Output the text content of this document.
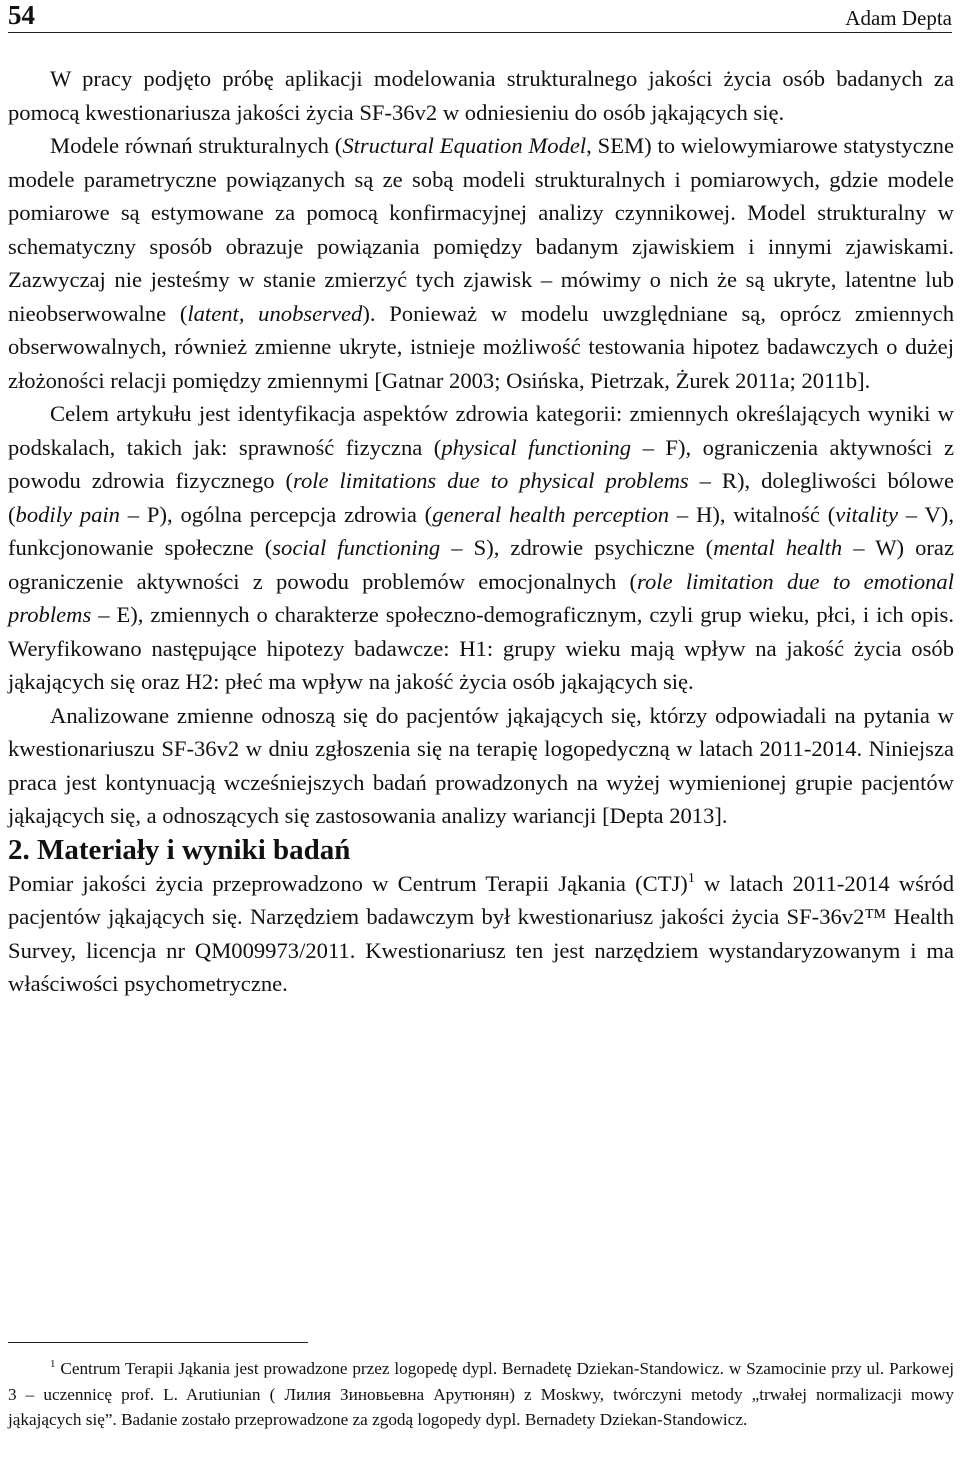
54	Adam Depta

W pracy podjęto próbę aplikacji modelowania strukturalnego jakości życia osób badanych za pomocą kwestionariusza jakości życia SF-36v2 w odniesieniu do osób jąkających się.

Modele równań strukturalnych (Structural Equation Model, SEM) to wielowymiarowe statystyczne modele parametryczne powiązanych są ze sobą modeli strukturalnych i pomiarowych, gdzie modele pomiarowe są estymowane za pomocą konfirmacyjnej analizy czynnikowej. Model strukturalny w schematyczny sposób obrazuje powiązania pomiędzy badanym zjawiskiem i innymi zjawiskami. Zazwyczaj nie jesteśmy w stanie zmierzyć tych zjawisk – mówimy o nich że są ukryte, latentne lub nieobserwowalne (latent, unobserved). Ponieważ w modelu uwzględniane są, oprócz zmiennych obserwowalnych, również zmienne ukryte, istnieje możliwość testowania hipotez badawczych o dużej złożoności relacji pomiędzy zmiennymi [Gatnar 2003; Osińska, Pietrzak, Żurek 2011a; 2011b].

Celem artykułu jest identyfikacja aspektów zdrowia kategorii: zmiennych określających wyniki w podskalach, takich jak: sprawność fizyczna (physical functioning – F), ograniczenia aktywności z powodu zdrowia fizycznego (role limitations due to physical problems – R), dolegliwości bólowe (bodily pain – P), ogólna percepcja zdrowia (general health perception – H), witalność (vitality – V), funkcjonowanie społeczne (social functioning – S), zdrowie psychiczne (mental health – W) oraz ograniczenie aktywności z powodu problemów emocjonalnych (role limitation due to emotional problems – E), zmiennych o charakterze społeczno-demograficznym, czyli grup wieku, płci, i ich opis. Weryfikowano następujące hipotezy badawcze: H1: grupy wieku mają wpływ na jakość życia osób jąkających się oraz H2: płeć ma wpływ na jakość życia osób jąkających się.

Analizowane zmienne odnoszą się do pacjentów jąkających się, którzy odpowiadali na pytania w kwestionariuszu SF-36v2 w dniu zgłoszenia się na terapię logopedyczną w latach 2011-2014. Niniejsza praca jest kontynuacją wcześniejszych badań prowadzonych na wyżej wymienionej grupie pacjentów jąkających się, a odnoszących się zastosowania analizy wariancji [Depta 2013].

2. Materiały i wyniki badań

Pomiar jakości życia przeprowadzono w Centrum Terapii Jąkania (CTJ)$^1$ w latach 2011-2014 wśród pacjentów jąkających się. Narzędziem badawczym był kwestionariusz jakości życia SF-36v2™ Health Survey, licencja nr QM009973/2011. Kwestionariusz ten jest narzędziem wystandaryzowanym i ma właściwości psychometryczne.

$^1$ Centrum Terapii Jąkania jest prowadzone przez logopedę dypl. Bernadetę Dziekan-Standowicz. w Szamocinie przy ul. Parkowej 3 – uczennicę prof. L. Arutiunian ( Лилия Зиновьевна Арутюнян) z Moskwy, twórczyni metody „trwałej normalizacji mowy jąkających się”. Badanie zostało przeprowadzone za zgodą logopedy dypl. Bernadety Dziekan-Standowicz.
